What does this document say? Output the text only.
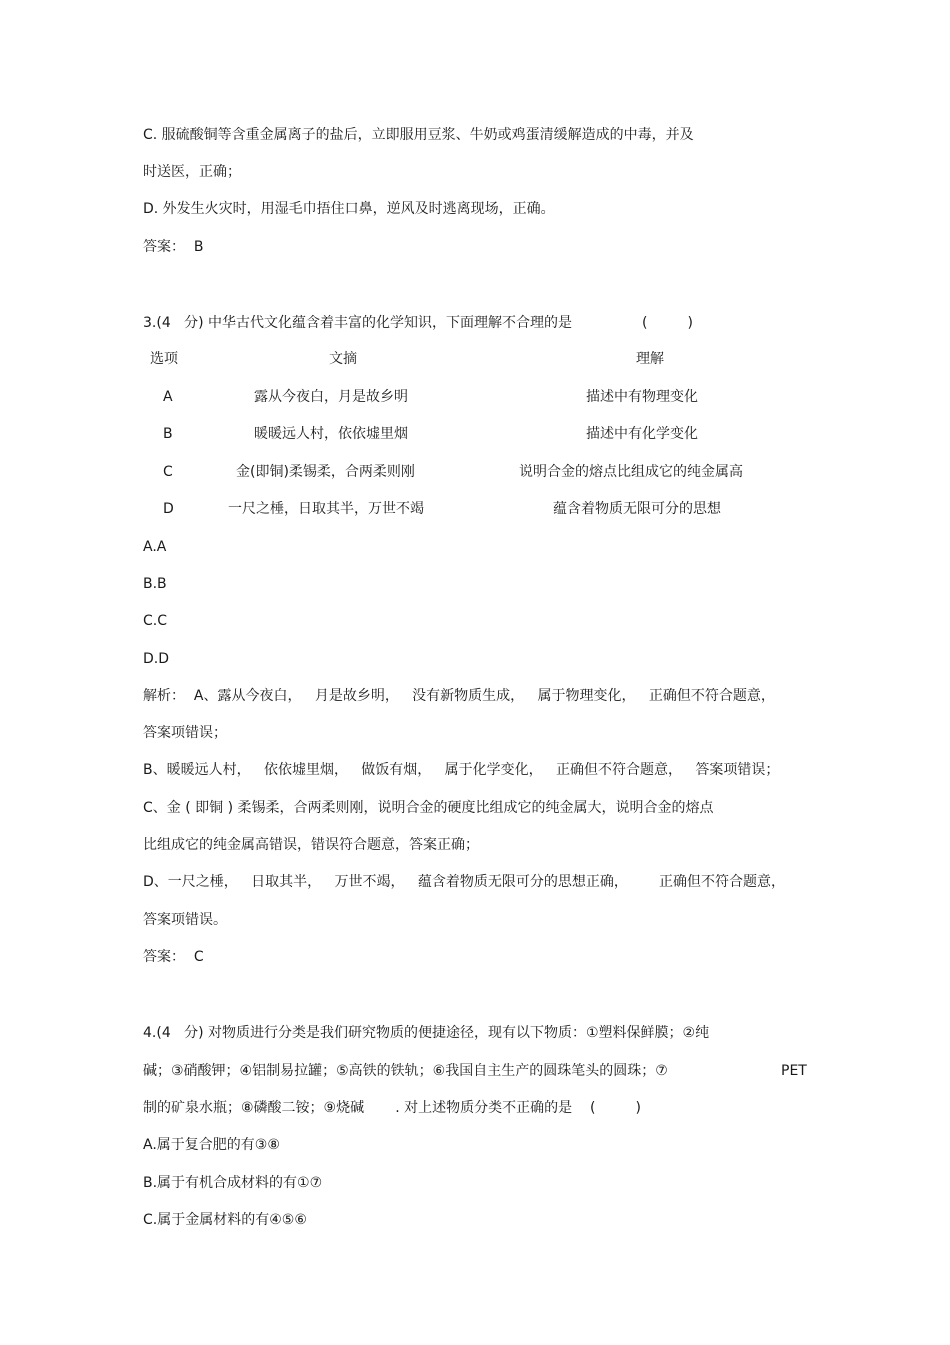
C. 服硫酸铜等含重金属离子的盐后，立即服用豆浆、牛奶或鸡蛋清缓解造成的中毒，并及
时送医，正确；
D. 外发生火灾时，用湿毛巾捂住口鼻，逆风及时逃离现场，正确。
答案：  B
3.(4   分) 中华古代文化蕴含着丰富的化学知识，下面理解不合理的是	(         )
选项	文摘	理解
A	露从今夜白，月是故乡明	描述中有物理变化
B	暖暖远人村，依依墟里烟	描述中有化学变化
C	金(即铜)柔锡柔，合两柔则刚	说明合金的熔点比组成它的纯金属高
D	一尺之棰，日取其半，万世不竭	蕴含着物质无限可分的思想
A.A
B.B
C.C
D.D
解析：  A、露从今夜白，   月是故乡明，   没有新物质生成，   属于物理变化，   正确但不符合题意，
答案项错误；
B、暖暖远人村，   依依墟里烟，   做饭有烟，   属于化学变化，   正确但不符合题意，   答案项错误；
C、金 ( 即铜 ) 柔锡柔，合两柔则刚，说明合金的硬度比组成它的纯金属大，说明合金的熔点
比组成它的纯金属高错误，错误符合题意，答案正确；
D、一尺之棰，   日取其半，   万世不竭，   蕴含着物质无限可分的思想正确，       正确但不符合题意，
答案项错误。
答案：  C
4.(4   分) 对物质进行分类是我们研究物质的便捷途径，现有以下物质：①塑料保鲜膜；②纯
碱；③硝酸钾；④铝制易拉罐；⑤高铁的铁轨；⑥我国自主生产的圆珠笔头的圆珠；⑦	PET
制的矿泉水瓶；⑧磷酸二铵；⑨烧碱       . 对上述物质分类不正确的是    (         )
A.属于复合肥的有③⑧
B.属于有机合成材料的有①⑦
C.属于金属材料的有④⑤⑥
